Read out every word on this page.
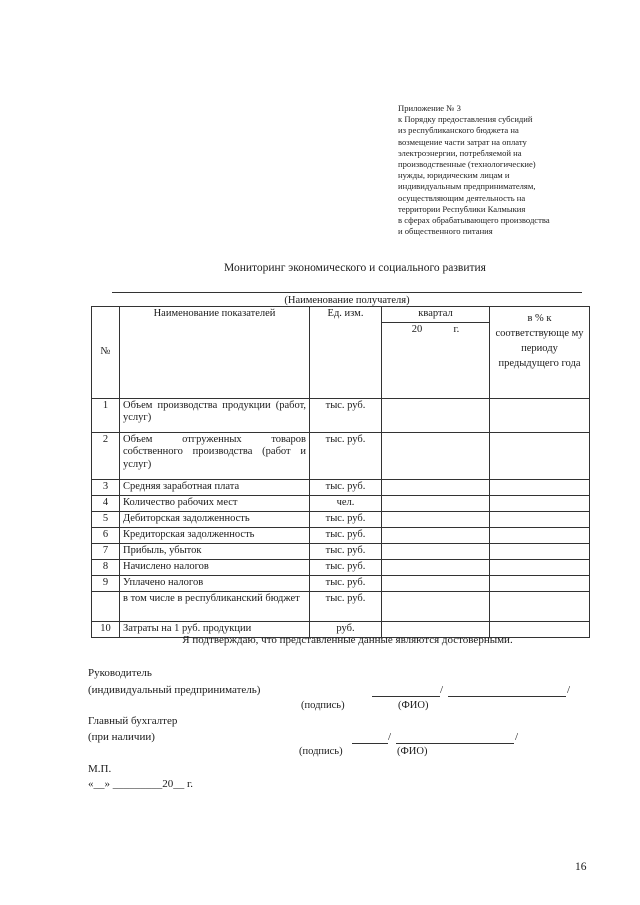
Приложение № 3
к Порядку предоставления субсидий
из республиканского бюджета на
возмещение части затрат на оплату
электроэнергии, потребляемой на
производственные (технологические)
нужды, юридическим лицам и
индивидуальным предпринимателям,
осуществляющим деятельность на
территории Республики Калмыкия
в сферах обрабатывающего производства
и общественного питания
Мониторинг экономического и социального развития
(Наименование получателя)
№	Наименование показателей	Ед. изм.	квартал	в % к соответствующе му периоду предыдущего года
			20 г.	
1	Объем производства продукции (работ, услуг)	тыс. руб.		
2	Объем отгруженных товаров собственного производства (работ и услуг)	тыс. руб.		
3	Средняя заработная плата	тыс. руб.		
4	Количество рабочих мест	чел.		
5	Дебиторская задолженность	тыс. руб.		
6	Кредиторская задолженность	тыс. руб.		
7	Прибыль, убыток	тыс. руб.		
8	Начислено налогов	тыс. руб.		
9	Уплачено налогов	тыс. руб.		
	в том числе в республиканский бюджет	тыс. руб.		
10	Затраты на 1 руб. продукции	руб.		
Я подтверждаю, что представленные данные являются достоверными.
Руководитель
(индивидуальный предприниматель)	/	/
(подпись)	(ФИО)
Главный бухгалтер
(при наличии)	/	/
(подпись)	(ФИО)
М.П.
«__» _________20__ г.
16
